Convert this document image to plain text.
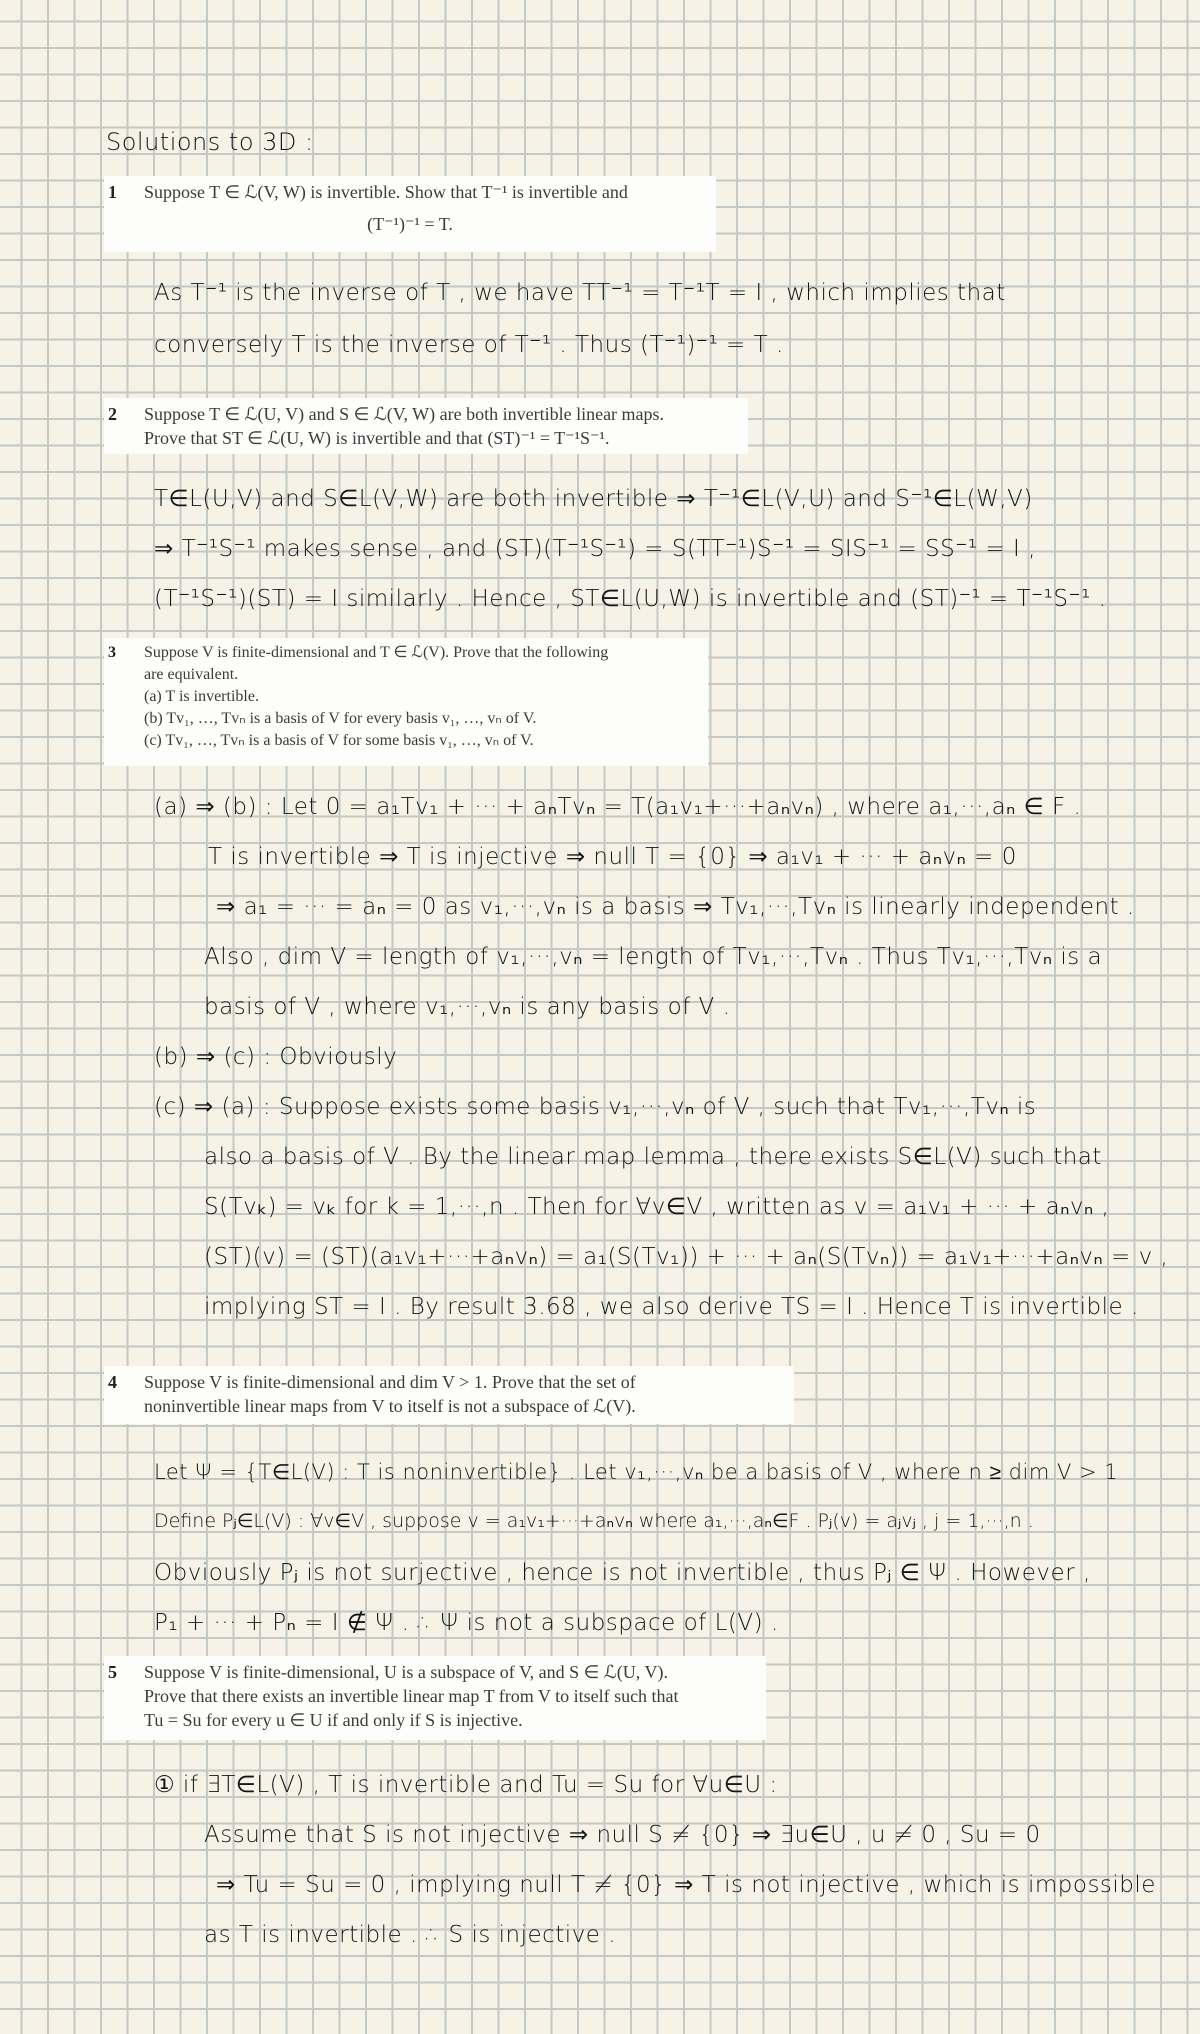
Solutions to 3D :
1 Suppose T ∈ ℒ(V, W) is invertible. Show that T⁻¹ is invertible and
(T⁻¹)⁻¹ = T.
As T⁻¹ is the inverse of T , we have TT⁻¹ = T⁻¹T = I , which implies that
conversely T is the inverse of T⁻¹ . Thus (T⁻¹)⁻¹ = T .
2 Suppose T ∈ ℒ(U, V) and S ∈ ℒ(V, W) are both invertible linear maps.
Prove that ST ∈ ℒ(U, W) is invertible and that (ST)⁻¹ = T⁻¹S⁻¹.
T∈L(U,V) and S∈L(V,W) are both invertible ⇒ T⁻¹∈L(V,U) and S⁻¹∈L(W,V)
⇒ T⁻¹S⁻¹ makes sense , and (ST)(T⁻¹S⁻¹) = S(TT⁻¹)S⁻¹ = SIS⁻¹ = SS⁻¹ = I ,
(T⁻¹S⁻¹)(ST) = I similarly . Hence , ST∈L(U,W) is invertible and (ST)⁻¹ = T⁻¹S⁻¹ .
3 Suppose V is finite-dimensional and T ∈ ℒ(V). Prove that the following
are equivalent.
(a) T is invertible.
(b) Tv₁, …, Tvₙ is a basis of V for every basis v₁, …, vₙ of V.
(c) Tv₁, …, Tvₙ is a basis of V for some basis v₁, …, vₙ of V.
(a) ⇒ (b) : Let 0 = a₁Tv₁ + ··· + aₙTvₙ = T(a₁v₁+···+aₙvₙ) , where a₁,···,aₙ ∈ F .
T is invertible ⇒ T is injective ⇒ null T = {0} ⇒ a₁v₁ + ··· + aₙvₙ = 0
⇒ a₁ = ··· = aₙ = 0 as v₁,···,vₙ is a basis ⇒ Tv₁,···,Tvₙ is linearly independent .
Also , dim V = length of v₁,···,vₙ = length of Tv₁,···,Tvₙ . Thus Tv₁,···,Tvₙ is a
basis of V , where v₁,···,vₙ is any basis of V .
(b) ⇒ (c) : Obviously
(c) ⇒ (a) : Suppose exists some basis v₁,···,vₙ of V , such that Tv₁,···,Tvₙ is
also a basis of V . By the linear map lemma , there exists S∈L(V) such that
S(Tvₖ) = vₖ for k = 1,···,n . Then for ∀v∈V , written as v = a₁v₁ + ··· + aₙvₙ ,
(ST)(v) = (ST)(a₁v₁+···+aₙvₙ) = a₁(S(Tv₁)) + ··· + aₙ(S(Tvₙ)) = a₁v₁+···+aₙvₙ = v ,
implying ST = I . By result 3.68 , we also derive TS = I . Hence T is invertible .
4 Suppose V is finite-dimensional and dim V > 1. Prove that the set of
noninvertible linear maps from V to itself is not a subspace of ℒ(V).
Let Ψ = {T∈L(V) : T is noninvertible} . Let v₁,···,vₙ be a basis of V , where n ≥ dim V > 1
Define Pⱼ∈L(V) : ∀v∈V , suppose v = a₁v₁+···+aₙvₙ where a₁,···,aₙ∈F . Pⱼ(v) = aⱼvⱼ , j = 1,···,n .
Obviously Pⱼ is not surjective , hence is not invertible , thus Pⱼ ∈ Ψ . However ,
P₁ + ··· + Pₙ = I ∉ Ψ . ∴ Ψ is not a subspace of L(V) .
5 Suppose V is finite-dimensional, U is a subspace of V, and S ∈ ℒ(U, V).
Prove that there exists an invertible linear map T from V to itself such that
Tu = Su for every u ∈ U if and only if S is injective.
① if ∃T∈L(V) , T is invertible and Tu = Su for ∀u∈U :
Assume that S is not injective ⇒ null S ≠ {0} ⇒ ∃u∈U , u ≠ 0 , Su = 0
⇒ Tu = Su = 0 , implying null T ≠ {0} ⇒ T is not injective , which is impossible
as T is invertible . ∴ S is injective .
